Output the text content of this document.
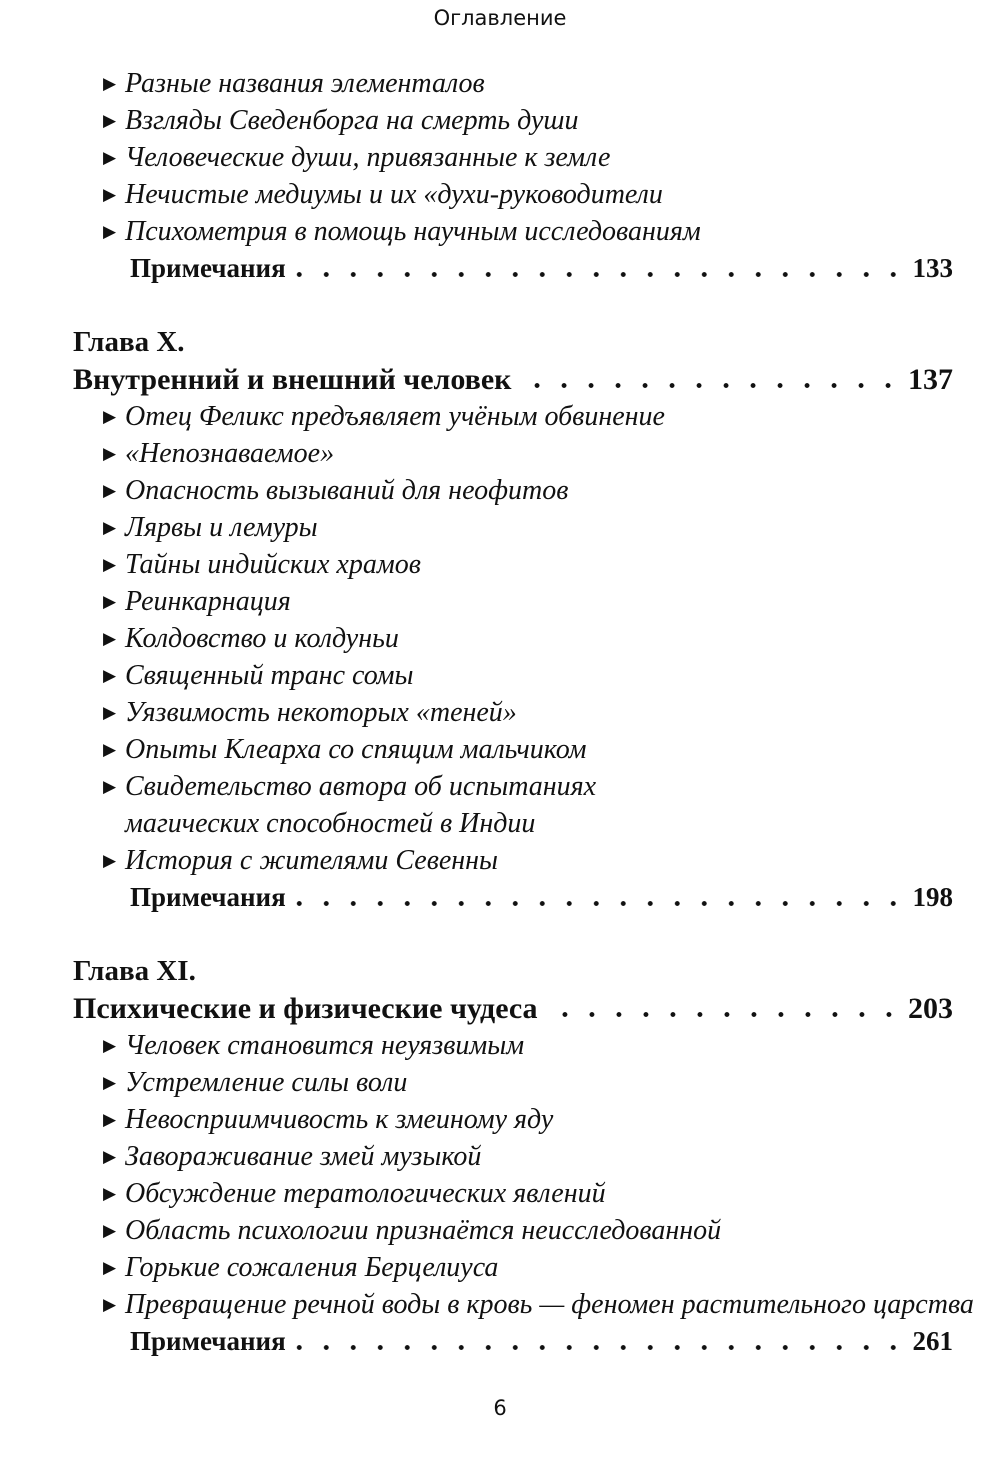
Оглавление
▶ Разные названия элементалов
▶ Взгляды Сведенборга на смерть души
▶ Человеческие души, привязанные к земле
▶ Нечистые медиумы и их «духи-руководители
▶ Психометрия в помощь научным исследованиям
Примечания	133
Глава X.
Внутренний и внешний человек	137
▶ Отец Феликс предъявляет учёным обвинение
▶ «Непознаваемое»
▶ Опасность вызываний для неофитов
▶ Лярвы и лемуры
▶ Тайны индийских храмов
▶ Реинкарнация
▶ Колдовство и колдуньи
▶ Священный транс сомы
▶ Уязвимость некоторых «теней»
▶ Опыты Клеарха со спящим мальчиком
▶ Свидетельство автора об испытаниях
магических способностей в Индии
▶ История с жителями Севенны
Примечания	198
Глава XI.
Психические и физические чудеса	203
▶ Человек становится неуязвимым
▶ Устремление силы воли
▶ Невосприимчивость к змеиному яду
▶ Завораживание змей музыкой
▶ Обсуждение тератологических явлений
▶ Область психологии признаётся неисследованной
▶ Горькие сожаления Берцелиуса
▶ Превращение речной воды в кровь — феномен растительного царства
Примечания	261
6
